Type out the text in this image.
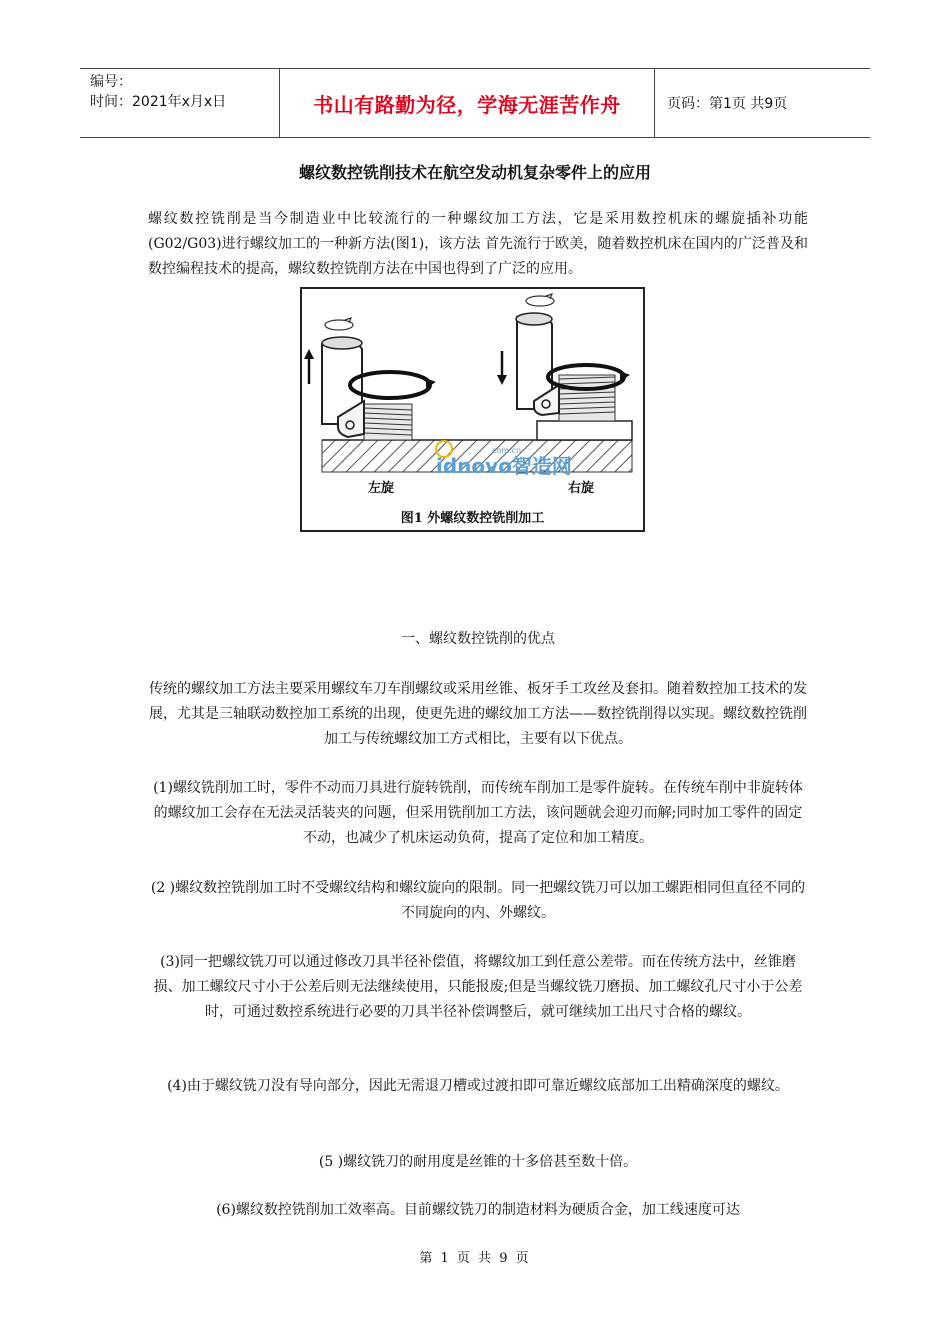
编号：
时间：2021年x月x日	书山有路勤为径，学海无涯苦作舟	页码：第1页 共9页
螺纹数控铣削技术在航空发动机复杂零件上的应用
螺纹数控铣削是当今制造业中比较流行的一种螺纹加工方法，它是采用数控机床的螺旋插补功能(G02/G03)进行螺纹加工的一种新方法(图1)，该方法 首先流行于欧美，随着数控机床在国内的广泛普及和数控编程技术的提高，螺纹数控铣削方法在中国也得到了广泛的应用。
idnovo智造网
com.cn
左旋	右旋
图1 外螺纹数控铣削加工
一、螺纹数控铣削的优点
传统的螺纹加工方法主要采用螺纹车刀车削螺纹或采用丝锥、板牙手工攻丝及套扣。随着数控加工技术的发展，尤其是三轴联动数控加工系统的出现，使更先进的螺纹加工方法——数控铣削得以实现。螺纹数控铣削加工与传统螺纹加工方式相比，主要有以下优点。
(1)螺纹铣削加工时，零件不动而刀具进行旋转铣削，而传统车削加工是零件旋转。在传统车削中非旋转体的螺纹加工会存在无法灵活装夹的问题，但采用铣削加工方法，该问题就会迎刃而解;同时加工零件的固定不动，也减少了机床运动负荷，提高了定位和加工精度。
(2 )螺纹数控铣削加工时不受螺纹结构和螺纹旋向的限制。同一把螺纹铣刀可以加工螺距相同但直径不同的不同旋向的内、外螺纹。
(3)同一把螺纹铣刀可以通过修改刀具半径补偿值，将螺纹加工到任意公差带。而在传统方法中，丝锥磨损、加工螺纹尺寸小于公差后则无法继续使用，只能报废;但是当螺纹铣刀磨损、加工螺纹孔尺寸小于公差时，可通过数控系统进行必要的刀具半径补偿调整后，就可继续加工出尺寸合格的螺纹。
(4)由于螺纹铣刀没有导向部分，因此无需退刀槽或过渡扣即可靠近螺纹底部加工出精确深度的螺纹。
(5 )螺纹铣刀的耐用度是丝锥的十多倍甚至数十倍。
(6)螺纹数控铣削加工效率高。目前螺纹铣刀的制造材料为硬质合金，加工线速度可达
第 1 页 共 9 页
